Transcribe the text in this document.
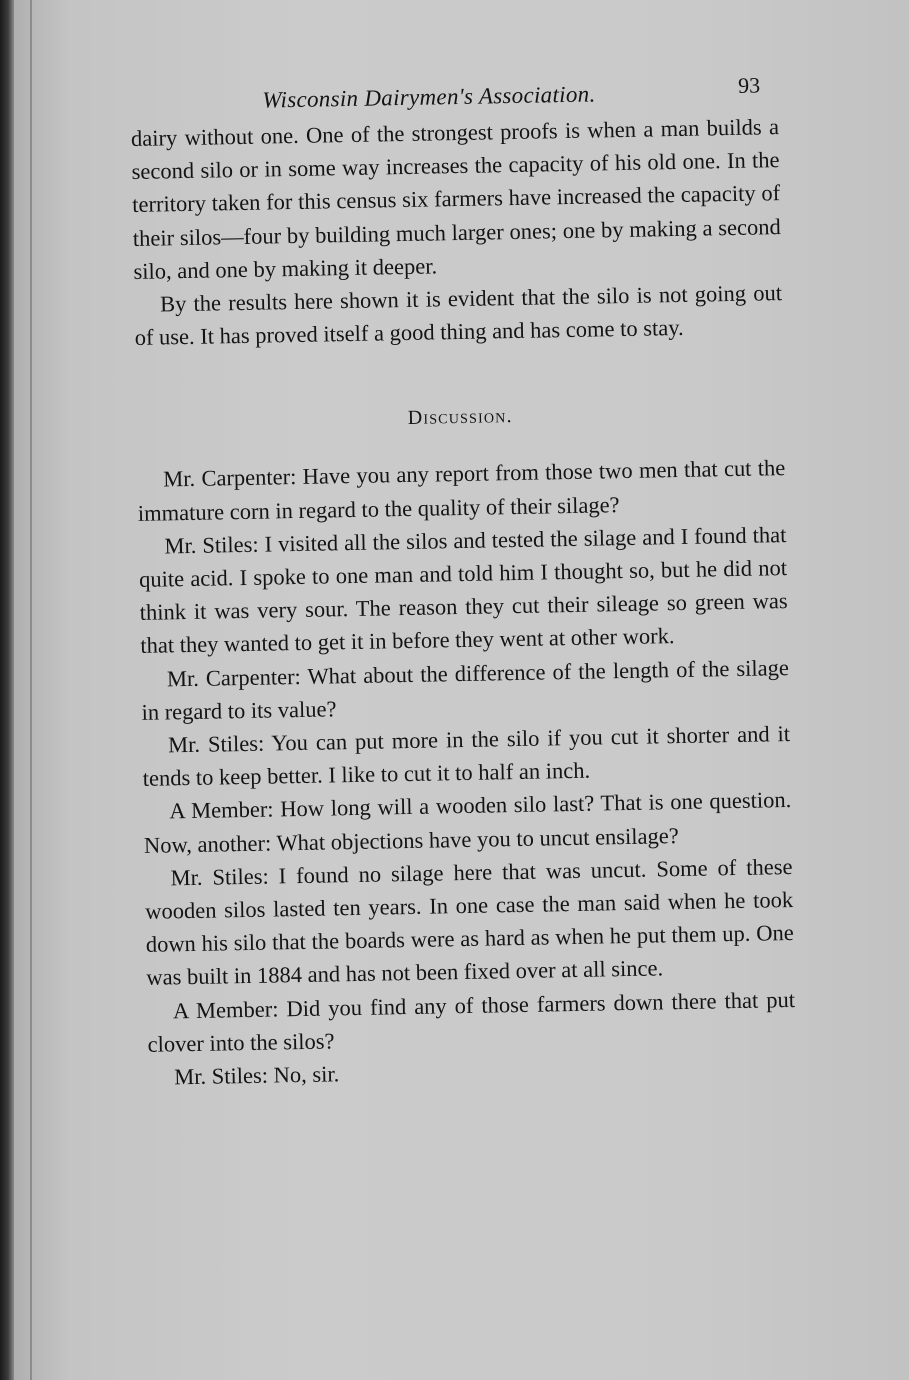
Wisconsin Dairymen's Association.	93

dairy without one. One of the strongest proofs is when a man builds a second silo or in some way increases the capacity of his old one. In the territory taken for this census six farmers have increased the capacity of their silos—four by building much larger ones; one by making a second silo, and one by making it deeper.

By the results here shown it is evident that the silo is not going out of use. It has proved itself a good thing and has come to stay.

Discussion.

Mr. Carpenter: Have you any report from those two men that cut the immature corn in regard to the quality of their silage?

Mr. Stiles: I visited all the silos and tested the silage and I found that quite acid. I spoke to one man and told him I thought so, but he did not think it was very sour. The reason they cut their sileage so green was that they wanted to get it in before they went at other work.

Mr. Carpenter: What about the difference of the length of the silage in regard to its value?

Mr. Stiles: You can put more in the silo if you cut it shorter and it tends to keep better. I like to cut it to half an inch.

A Member: How long will a wooden silo last? That is one question. Now, another: What objections have you to uncut ensilage?

Mr. Stiles: I found no silage here that was uncut. Some of these wooden silos lasted ten years. In one case the man said when he took down his silo that the boards were as hard as when he put them up. One was built in 1884 and has not been fixed over at all since.

A Member: Did you find any of those farmers down there that put clover into the silos?

Mr. Stiles: No, sir.
